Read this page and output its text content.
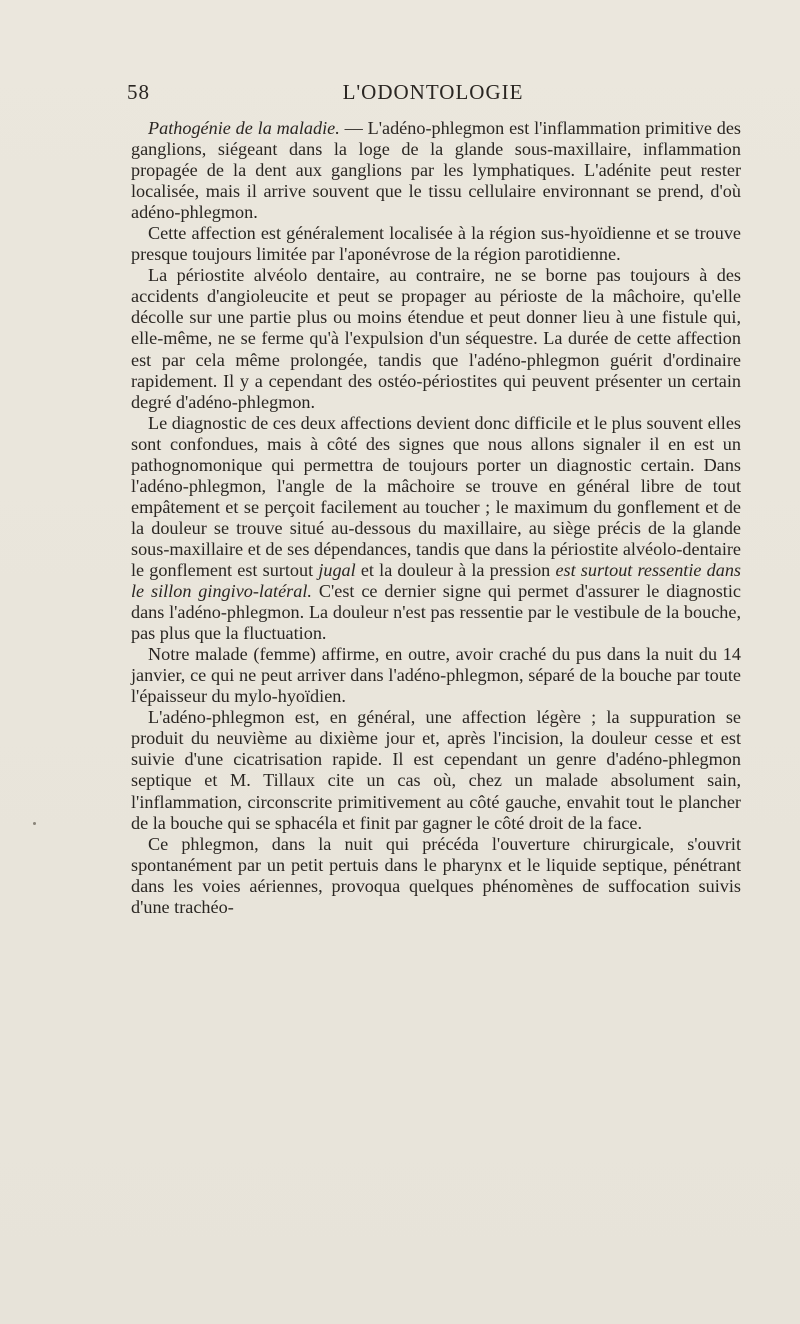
58	L'ODONTOLOGIE

Pathogénie de la maladie. — L'adéno-phlegmon est l'inflammation primitive des ganglions, siégeant dans la loge de la glande sous-maxillaire, inflammation propagée de la dent aux ganglions par les lymphatiques. L'adénite peut rester localisée, mais il arrive souvent que le tissu cellulaire environnant se prend, d'où adéno-phlegmon.

Cette affection est généralement localisée à la région sus-hyoïdienne et se trouve presque toujours limitée par l'aponévrose de la région parotidienne.

La périostite alvéolo dentaire, au contraire, ne se borne pas toujours à des accidents d'angioleucite et peut se propager au périoste de la mâchoire, qu'elle décolle sur une partie plus ou moins étendue et peut donner lieu à une fistule qui, elle-même, ne se ferme qu'à l'expulsion d'un séquestre. La durée de cette affection est par cela même prolongée, tandis que l'adéno-phlegmon guérit d'ordinaire rapidement. Il y a cependant des ostéo-périostites qui peuvent présenter un certain degré d'adéno-phlegmon.

Le diagnostic de ces deux affections devient donc difficile et le plus souvent elles sont confondues, mais à côté des signes que nous allons signaler il en est un pathognomonique qui permettra de toujours porter un diagnostic certain. Dans l'adéno-phlegmon, l'angle de la mâchoire se trouve en général libre de tout empâtement et se perçoit facilement au toucher ; le maximum du gonflement et de la douleur se trouve situé au-dessous du maxillaire, au siège précis de la glande sous-maxillaire et de ses dépendances, tandis que dans la périostite alvéolo-dentaire le gonflement est surtout jugal et la douleur à la pression est surtout ressentie dans le sillon gingivo-latéral. C'est ce dernier signe qui permet d'assurer le diagnostic dans l'adéno-phlegmon. La douleur n'est pas ressentie par le vestibule de la bouche, pas plus que la fluctuation.

Notre malade (femme) affirme, en outre, avoir craché du pus dans la nuit du 14 janvier, ce qui ne peut arriver dans l'adéno-phlegmon, séparé de la bouche par toute l'épaisseur du mylo-hyoïdien.

L'adéno-phlegmon est, en général, une affection légère ; la suppuration se produit du neuvième au dixième jour et, après l'incision, la douleur cesse et est suivie d'une cicatrisation rapide. Il est cependant un genre d'adéno-phlegmon septique et M. Tillaux cite un cas où, chez un malade absolument sain, l'inflammation, circonscrite primitivement au côté gauche, envahit tout le plancher de la bouche qui se sphacéla et finit par gagner le côté droit de la face.

Ce phlegmon, dans la nuit qui précéda l'ouverture chirurgicale, s'ouvrit spontanément par un petit pertuis dans le pharynx et le liquide septique, pénétrant dans les voies aériennes, provoqua quelques phénomènes de suffocation suivis d'une trachéo-
